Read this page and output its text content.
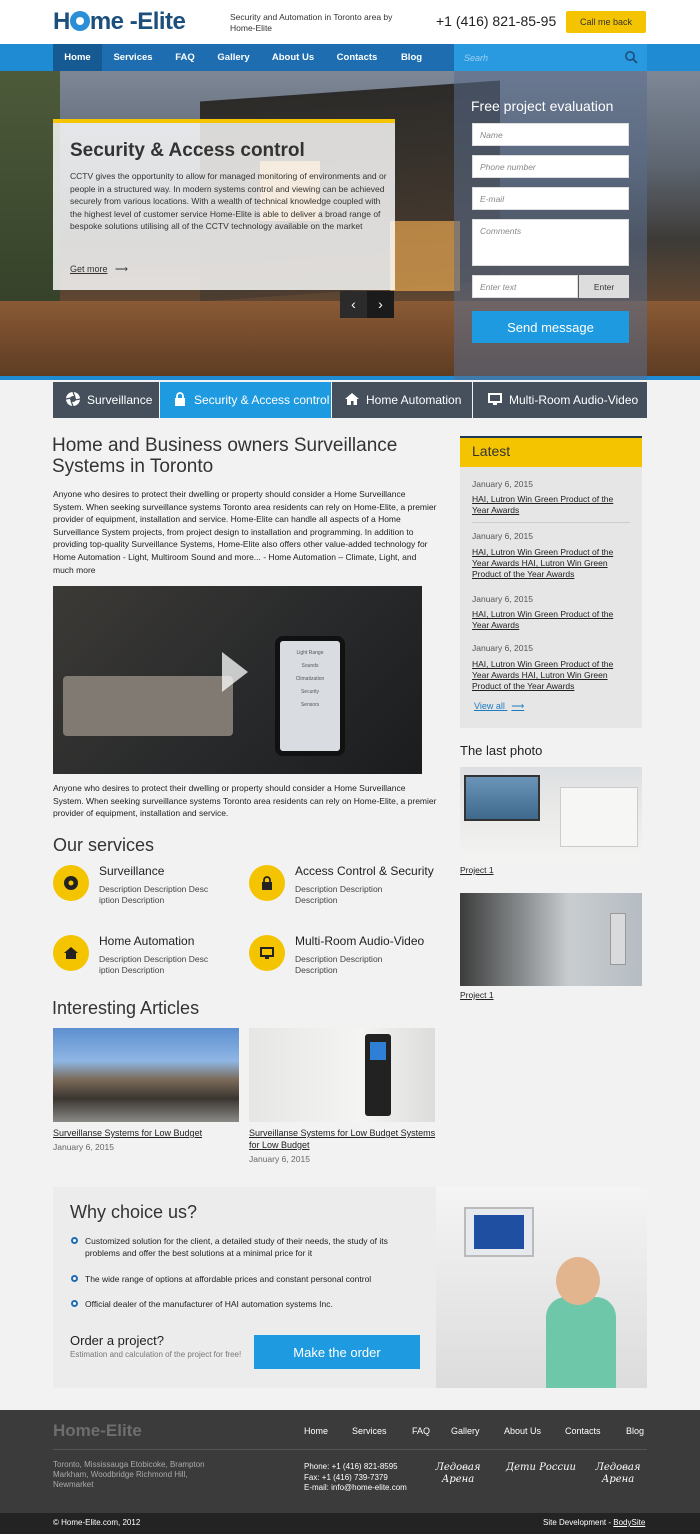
H me -Elite	Security and Automation in Toronto area by Home-Elite	+1 (416) 821-85-95	Call me back
Home	Services	FAQ	Gallery	About Us	Contacts	Blog
Searh
Security & Access control
CCTV gives the opportunity to allow for managed monitoring of environments and or people in a structured way. In modern systems control and viewing can be achieved securely from various locations. With a wealth of technical knowledge coupled with the highest level of customer service Home-Elite is able to deliver a broad range of bespoke solutions utilising all of the CCTV technology available on the market
Get more ⟶
‹	›
Free project evaluation
Name
Phone number
E-mail
Comments
Enter text
Enter
Send message
Surveillance	Security & Access control	Home Automation	Multi-Room Audio-Video
Home and Business owners Surveillance Systems in Toronto
Anyone who desires to protect their dwelling or property should consider a Home Surveillance System. When seeking surveillance systems Toronto area residents can rely on Home-Elite, a premier provider of equipment, installation and service. Home-Elite can handle all aspects of a Home Surveillance System projects, from project design to installation and programming. In addition to providing top-quality Surveillance Systems, Home-Elite also offers other value-added technology for Home Automation - Light, Multiroom Sound and more... - Home Automation – Climate, Light, and much more
Light Range
Sounds
Climatization
Security
Sensors
Anyone who desires to protect their dwelling or property should consider a Home Surveillance System. When seeking surveillance systems Toronto area residents can rely on Home-Elite, a premier provider of equipment, installation and service.
Our services
Surveillance
Description Description Desc iption Description
Access Control & Security
Description Description Description
Home Automation
Description Description Desc iption Description
Multi-Room Audio-Video
Description Description Description
Interesting Articles
Surveillanse Systems for Low Budget
January 6, 2015
Surveillanse Systems for Low Budget Systems for Low Budget
January 6, 2015
Latest
January 6, 2015
HAI, Lutron Win Green Product of the Year Awards
January 6, 2015
HAI, Lutron Win Green Product of the Year Awards HAI, Lutron Win Green Product of the Year Awards
January 6, 2015
HAI, Lutron Win Green Product of the Year Awards
January 6, 2015
HAI, Lutron Win Green Product of the Year Awards HAI, Lutron Win Green Product of the Year Awards
View all ⟶
The last photo
Project 1
Project 1
Why choice us?
Customized solution for the client, a detailed study of their needs, the study of its problems and offer the best solutions at a minimal price for it
The wide range of options at affordable prices and constant personal control
Official dealer of the manufacturer of HAI automation systems Inc.
Order a project?
Estimation and calculation of the project for free!	Make the order
Home-Elite	Home	Services	FAQ Gallery	About Us	Contacts	Blog
Toronto, Mississauga Etobicoke, Brampton Markham, Woodbridge Richmond Hill, Newmarket
Phone: +1 (416) 821-8595
Fax: +1 (416) 739-7379
E-mail: info@home-elite.com
Ледовая Арена
Дети России	Ледовая Арена
© Home-Elite.com, 2012	Site Development - BodySite
